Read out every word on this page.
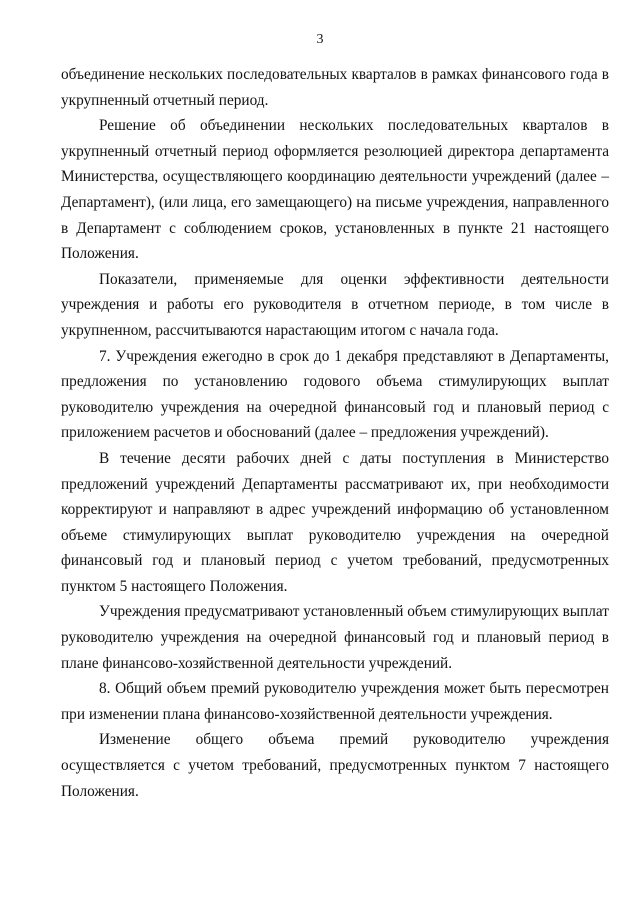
3

объединение нескольких последовательных кварталов в рамках финансового года в укрупненный отчетный период.

Решение об объединении нескольких последовательных кварталов в укрупненный отчетный период оформляется резолюцией директора департамента Министерства, осуществляющего координацию деятельности учреждений (далее – Департамент), (или лица, его замещающего) на письме учреждения, направленного в Департамент с соблюдением сроков, установленных в пункте 21 настоящего Положения.

Показатели, применяемые для оценки эффективности деятельности учреждения и работы его руководителя в отчетном периоде, в том числе в укрупненном, рассчитываются нарастающим итогом с начала года.

7. Учреждения ежегодно в срок до 1 декабря представляют в Департаменты, предложения по установлению годового объема стимулирующих выплат руководителю учреждения на очередной финансовый год и плановый период с приложением расчетов и обоснований (далее – предложения учреждений).

В течение десяти рабочих дней с даты поступления в Министерство предложений учреждений Департаменты рассматривают их, при необходимости корректируют и направляют в адрес учреждений информацию об установленном объеме стимулирующих выплат руководителю учреждения на очередной финансовый год и плановый период с учетом требований, предусмотренных пунктом 5 настоящего Положения.

Учреждения предусматривают установленный объем стимулирующих выплат руководителю учреждения на очередной финансовый год и плановый период в плане финансово-хозяйственной деятельности учреждений.

8. Общий объем премий руководителю учреждения может быть пересмотрен при изменении плана финансово-хозяйственной деятельности учреждения.

Изменение общего объема премий руководителю учреждения осуществляется с учетом требований, предусмотренных пунктом 7 настоящего Положения.
